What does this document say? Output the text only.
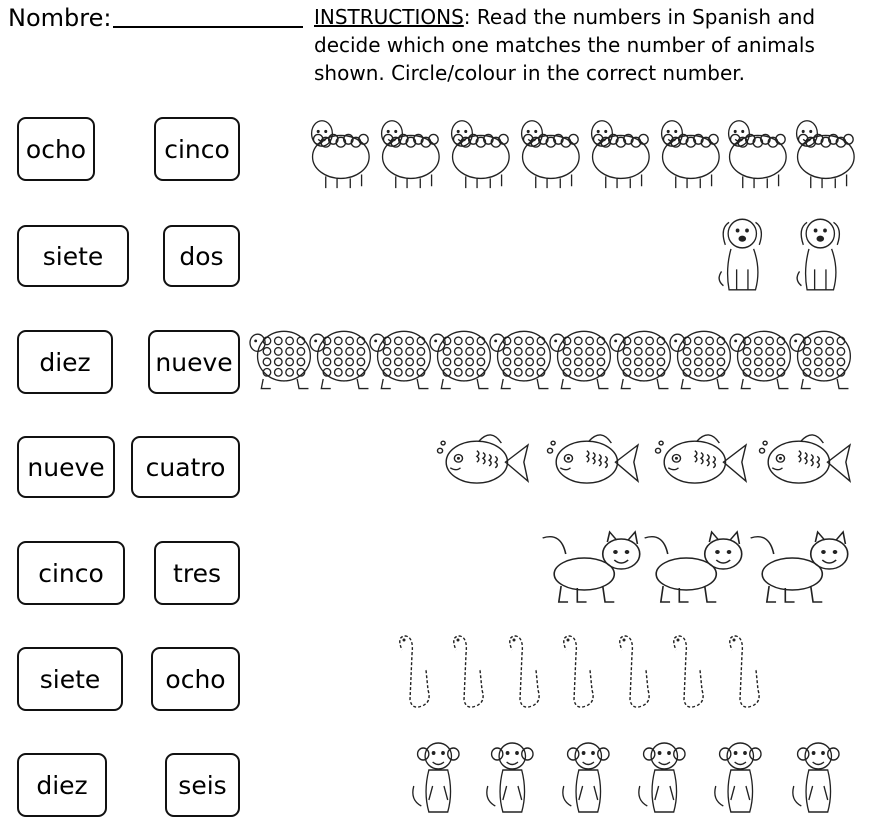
Nombre:	INSTRUCTIONS: Read the numbers in Spanish and decide which one matches the number of animals shown. Circle/colour in the correct number.
ocho	cinco
siete	dos
diez	nueve
nueve cuatro
cinco	tres
siete	ocho
diez	seis
